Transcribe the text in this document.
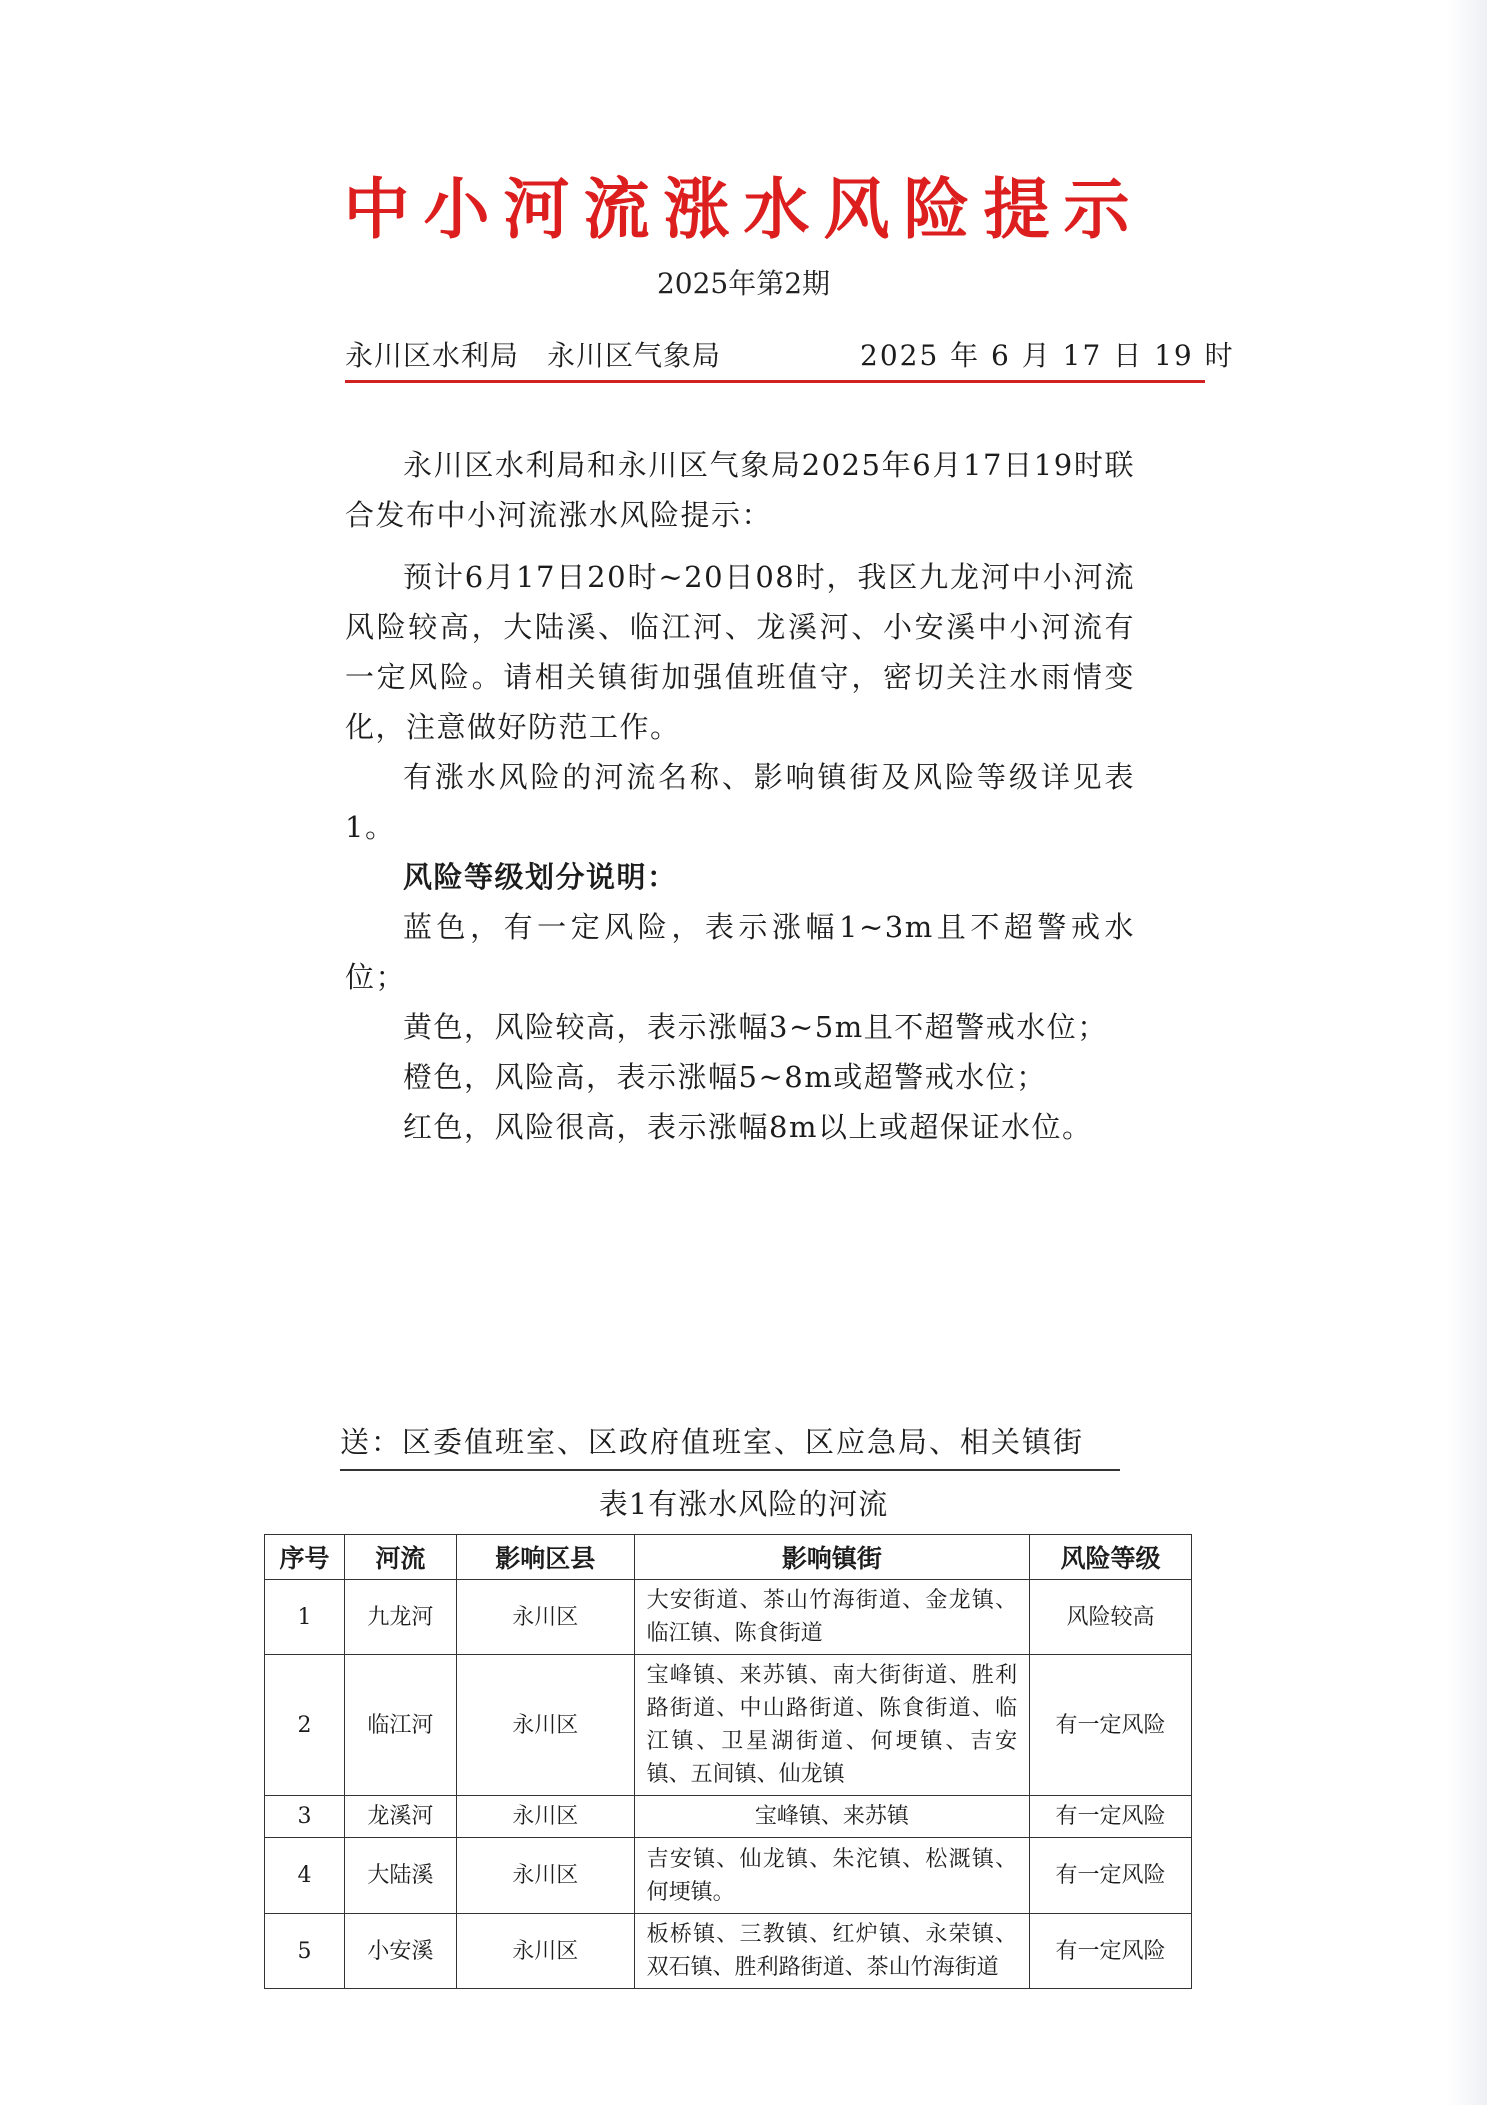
中小河流涨水风险提示
2025年第2期
永川区水利局 永川区气象局	2025 年 6 月 17 日 19 时

永川区水利局和永川区气象局2025年6月17日19时联合发布中小河流涨水风险提示：

预计6月17日20时~20日08时，我区九龙河中小河流风险较高，大陆溪、临江河、龙溪河、小安溪中小河流有一定风险。请相关镇街加强值班值守，密切关注水雨情变化，注意做好防范工作。

有涨水风险的河流名称、影响镇街及风险等级详见表1。

风险等级划分说明：

蓝色，有一定风险，表示涨幅1~3m且不超警戒水位；

黄色，风险较高，表示涨幅3~5m且不超警戒水位；

橙色，风险高，表示涨幅5~8m或超警戒水位；

红色，风险很高，表示涨幅8m以上或超保证水位。

送：区委值班室、区政府值班室、区应急局、相关镇街
表1有涨水风险的河流
序号	河流	影响区县	影响镇街	风险等级
1	九龙河	永川区	大安街道、茶山竹海街道、金龙镇、临江镇、陈食街道	风险较高
2	临江河	永川区	宝峰镇、来苏镇、南大街街道、胜利路街道、中山路街道、陈食街道、临江镇、卫星湖街道、何埂镇、吉安镇、五间镇、仙龙镇	有一定风险
3	龙溪河	永川区	宝峰镇、来苏镇	有一定风险
4	大陆溪	永川区	吉安镇、仙龙镇、朱沱镇、松溉镇、何埂镇。	有一定风险
5	小安溪	永川区	板桥镇、三教镇、红炉镇、永荣镇、双石镇、胜利路街道、茶山竹海街道	有一定风险
